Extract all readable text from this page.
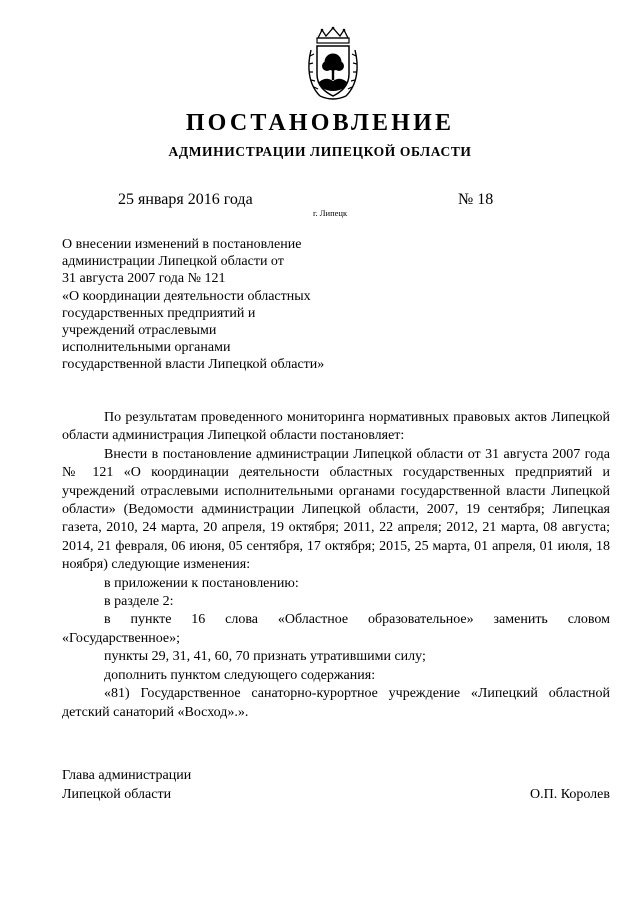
ПОСТАНОВЛЕНИЕ
АДМИНИСТРАЦИИ ЛИПЕЦКОЙ ОБЛАСТИ
25 января 2016 года
г. Липецк
№ 18
О внесении изменений в постановление
администрации Липецкой области от
31 августа 2007 года № 121
«О координации деятельности областных
государственных предприятий и
учреждений отраслевыми
исполнительными органами
государственной власти Липецкой области»

По результатам проведенного мониторинга нормативных правовых актов Липецкой области администрация Липецкой области постановляет:

Внести в постановление администрации Липецкой области от 31 августа 2007 года № 121 «О координации деятельности областных государственных предприятий и учреждений отраслевыми исполнительными органами государственной власти Липецкой области» (Ведомости администрации Липецкой области, 2007, 19 сентября; Липецкая газета, 2010, 24 марта, 20 апреля, 19 октября; 2011, 22 апреля; 2012, 21 марта, 08 августа; 2014, 21 февраля, 06 июня, 05 сентября, 17 октября; 2015, 25 марта, 01 апреля, 01 июля, 18 ноября) следующие изменения:

в приложении к постановлению:

в разделе 2:

в пункте 16 слова «Областное образовательное» заменить словом «Государственное»;

пункты 29, 31, 41, 60, 70 признать утратившими силу;

дополнить пунктом следующего содержания:

«81) Государственное санаторно-курортное учреждение «Липецкий областной детский санаторий «Восход».».

Глава администрации
Липецкой области	О.П. Королев
